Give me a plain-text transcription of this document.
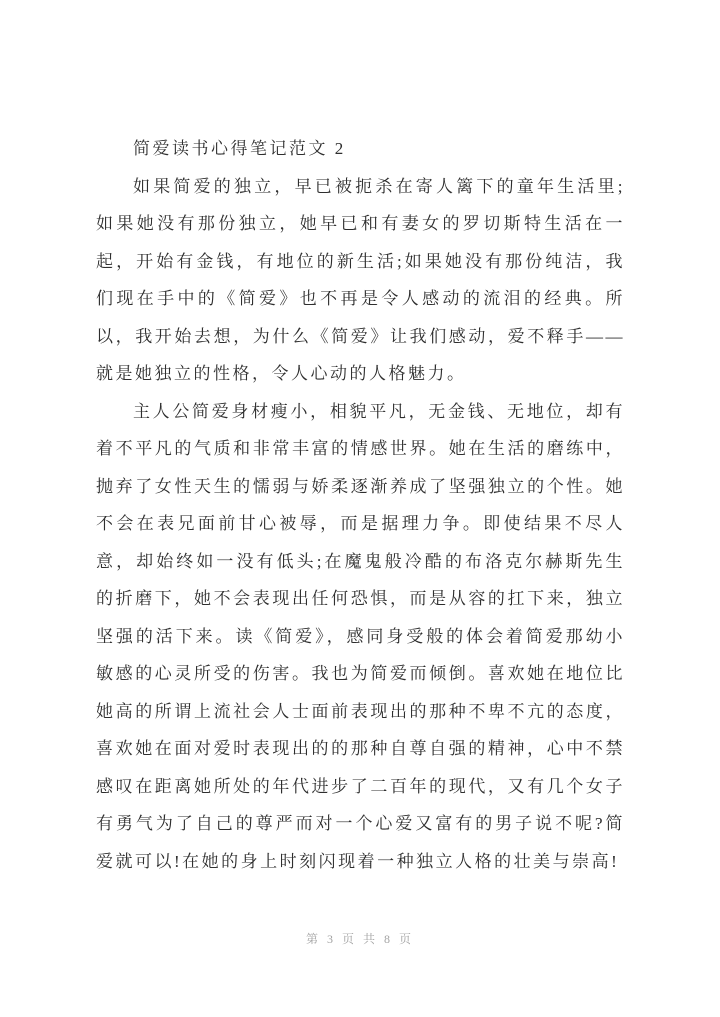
简爱读书心得笔记范文 2

如果简爱的独立，早已被扼杀在寄人篱下的童年生活里;如果她没有那份独立，她早已和有妻女的罗切斯特生活在一起，开始有金钱，有地位的新生活;如果她没有那份纯洁，我们现在手中的《简爱》也不再是令人感动的流泪的经典。所以，我开始去想，为什么《简爱》让我们感动，爱不释手——就是她独立的性格，令人心动的人格魅力。

主人公简爱身材瘦小，相貌平凡，无金钱、无地位，却有着不平凡的气质和非常丰富的情感世界。她在生活的磨练中，抛弃了女性天生的懦弱与娇柔逐渐养成了坚强独立的个性。她不会在表兄面前甘心被辱，而是据理力争。即使结果不尽人意，却始终如一没有低头;在魔鬼般冷酷的布洛克尔赫斯先生的折磨下，她不会表现出任何恐惧，而是从容的扛下来，独立坚强的活下来。读《简爱》，感同身受般的体会着简爱那幼小敏感的心灵所受的伤害。我也为简爱而倾倒。喜欢她在地位比她高的所谓上流社会人士面前表现出的那种不卑不亢的态度，喜欢她在面对爱时表现出的的那种自尊自强的精神，心中不禁感叹在距离她所处的年代进步了二百年的现代，又有几个女子有勇气为了自己的尊严而对一个心爱又富有的男子说不呢?简爱就可以!在她的身上时刻闪现着一种独立人格的壮美与崇高!

第 3 页 共 8 页
